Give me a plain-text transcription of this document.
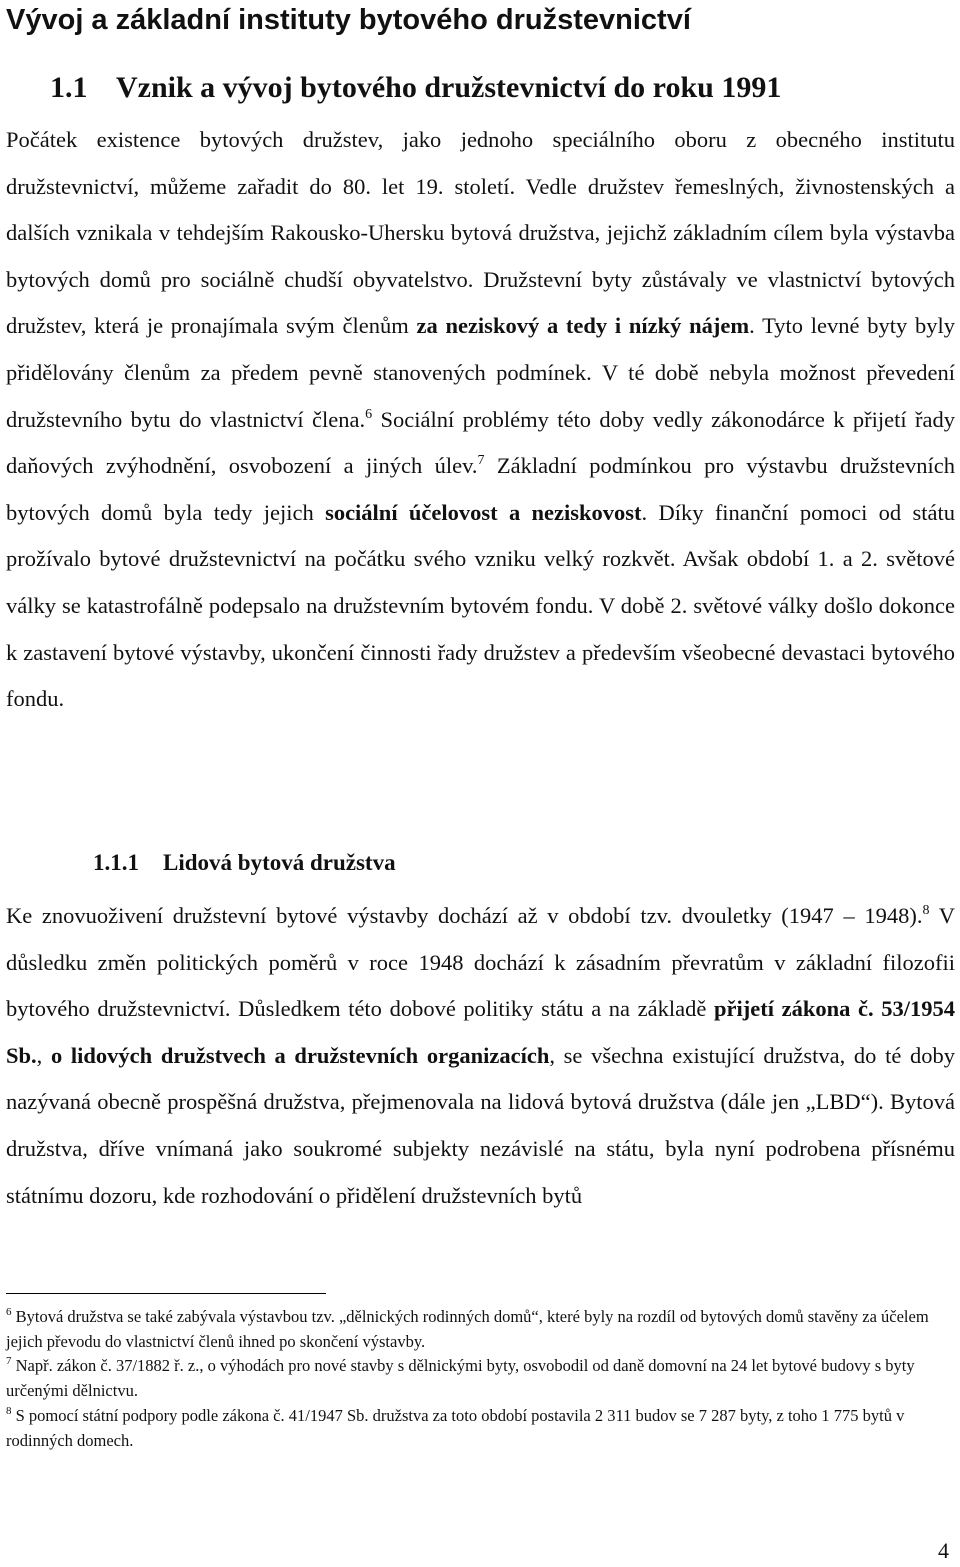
Vývoj a základní instituty bytového družstevnictví
1.1 Vznik a vývoj bytového družstevnictví do roku 1991
Počátek existence bytových družstev, jako jednoho speciálního oboru z obecného institutu družstevnictví, můžeme zařadit do 80. let 19. století. Vedle družstev řemeslných, živnostenských a dalších vznikala v tehdejším Rakousko-Uhersku bytová družstva, jejichž základním cílem byla výstavba bytových domů pro sociálně chudší obyvatelstvo. Družstevní byty zůstávaly ve vlastnictví bytových družstev, která je pronajímala svým členům za neziskový a tedy i nízký nájem. Tyto levné byty byly přidělovány členům za předem pevně stanovených podmínek. V té době nebyla možnost převedení družstevního bytu do vlastnictví člena.$^6$ Sociální problémy této doby vedly zákonodárce k přijetí řady daňových zvýhodnění, osvobození a jiných úlev.$^7$ Základní podmínkou pro výstavbu družstevních bytových domů byla tedy jejich sociální účelovost a neziskovost. Díky finanční pomoci od státu prožívalo bytové družstevnictví na počátku svého vzniku velký rozkvět. Avšak období 1. a 2. světové války se katastrofálně podepsalo na družstevním bytovém fondu. V době 2. světové války došlo dokonce k zastavení bytové výstavby, ukončení činnosti řady družstev a především všeobecné devastaci bytového fondu.
1.1.1 Lidová bytová družstva
Ke znovuoživení družstevní bytové výstavby dochází až v období tzv. dvouletky (1947 – 1948).$^8$ V důsledku změn politických poměrů v roce 1948 dochází k zásadním převratům v základní filozofii bytového družstevnictví. Důsledkem této dobové politiky státu a na základě přijetí zákona č. 53/1954 Sb., o lidových družstvech a družstevních organizacích, se všechna existující družstva, do té doby nazývaná obecně prospěšná družstva, přejmenovala na lidová bytová družstva (dále jen „LBD“). Bytová družstva, dříve vnímaná jako soukromé subjekty nezávislé na státu, byla nyní podrobena přísnému státnímu dozoru, kde rozhodování o přidělení družstevních bytů
$^6$ Bytová družstva se také zabývala výstavbou tzv. „dělnických rodinných domů“, které byly na rozdíl od bytových domů stavěny za účelem jejich převodu do vlastnictví členů ihned po skončení výstavby.
$^7$ Např. zákon č. 37/1882 ř. z., o výhodách pro nové stavby s dělnickými byty, osvobodil od daně domovní na 24 let bytové budovy s byty určenými dělnictvu.
$^8$ S pomocí státní podpory podle zákona č. 41/1947 Sb. družstva za toto období postavila 2 311 budov se 7 287 byty, z toho 1 775 bytů v rodinných domech.
4
